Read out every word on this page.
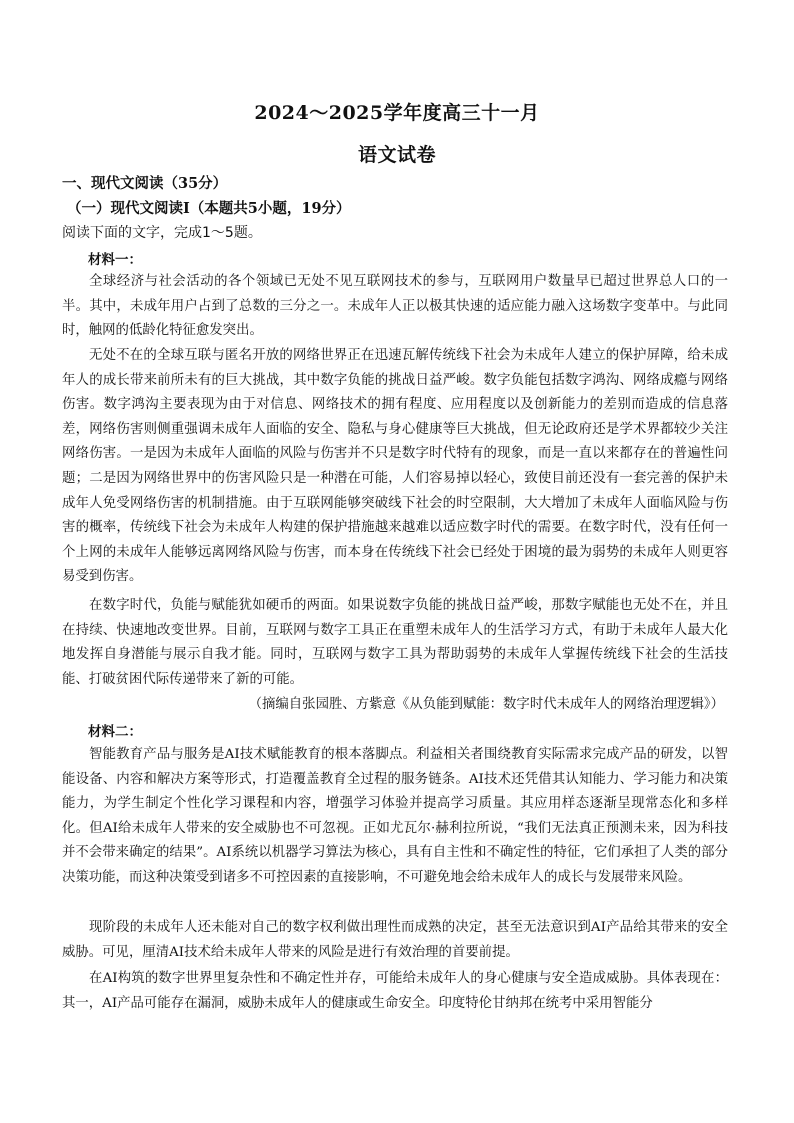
2024～2025学年度高三十一月
语文试卷
一、现代文阅读（35分）
（一）现代文阅读Ⅰ（本题共5小题，19分）
阅读下面的文字，完成1～5题。
材料一：

全球经济与社会活动的各个领域已无处不见互联网技术的参与，互联网用户数量早已超过世界总人口的一半。其中，未成年用户占到了总数的三分之一。未成年人正以极其快速的适应能力融入这场数字变革中。与此同时，触网的低龄化特征愈发突出。

无处不在的全球互联与匿名开放的网络世界正在迅速瓦解传统线下社会为未成年人建立的保护屏障，给未成年人的成长带来前所未有的巨大挑战，其中数字负能的挑战日益严峻。数字负能包括数字鸿沟、网络成瘾与网络伤害。数字鸿沟主要表现为由于对信息、网络技术的拥有程度、应用程度以及创新能力的差别而造成的信息落差，网络伤害则侧重强调未成年人面临的安全、隐私与身心健康等巨大挑战，但无论政府还是学术界都较少关注网络伤害。一是因为未成年人面临的风险与伤害并不只是数字时代特有的现象，而是一直以来都存在的普遍性问题；二是因为网络世界中的伤害风险只是一种潜在可能，人们容易掉以轻心，致使目前还没有一套完善的保护未成年人免受网络伤害的机制措施。由于互联网能够突破线下社会的时空限制，大大增加了未成年人面临风险与伤害的概率，传统线下社会为未成年人构建的保护措施越来越难以适应数字时代的需要。在数字时代，没有任何一个上网的未成年人能够远离网络风险与伤害，而本身在传统线下社会已经处于困境的最为弱势的未成年人则更容易受到伤害。

在数字时代，负能与赋能犹如硬币的两面。如果说数字负能的挑战日益严峻，那数字赋能也无处不在，并且在持续、快速地改变世界。目前，互联网与数字工具正在重塑未成年人的生活学习方式，有助于未成年人最大化地发挥自身潜能与展示自我才能。同时，互联网与数字工具为帮助弱势的未成年人掌握传统线下社会的生活技能、打破贫困代际传递带来了新的可能。

（摘编自张园胜、方紫意《从负能到赋能：数字时代未成年人的网络治理逻辑》）
材料二：

智能教育产品与服务是AI技术赋能教育的根本落脚点。利益相关者围绕教育实际需求完成产品的研发，以智能设备、内容和解决方案等形式，打造覆盖教育全过程的服务链条。AI技术还凭借其认知能力、学习能力和决策能力，为学生制定个性化学习课程和内容，增强学习体验并提高学习质量。其应用样态逐渐呈现常态化和多样化。但AI给未成年人带来的安全威胁也不可忽视。正如尤瓦尔·赫利拉所说，“我们无法真正预测未来，因为科技并不会带来确定的结果”。AI系统以机器学习算法为核心，具有自主性和不确定性的特征，它们承担了人类的部分决策功能，而这种决策受到诸多不可控因素的直接影响，不可避免地会给未成年人的成长与发展带来风险。

现阶段的未成年人还未能对自己的数字权利做出理性而成熟的决定，甚至无法意识到AI产品给其带来的安全威胁。可见，厘清AI技术给未成年人带来的风险是进行有效治理的首要前提。

在AI构筑的数字世界里复杂性和不确定性并存，可能给未成年人的身心健康与安全造成威胁。具体表现在：其一，AI产品可能存在漏洞，威胁未成年人的健康或生命安全。印度特伦甘纳邦在统考中采用智能分
